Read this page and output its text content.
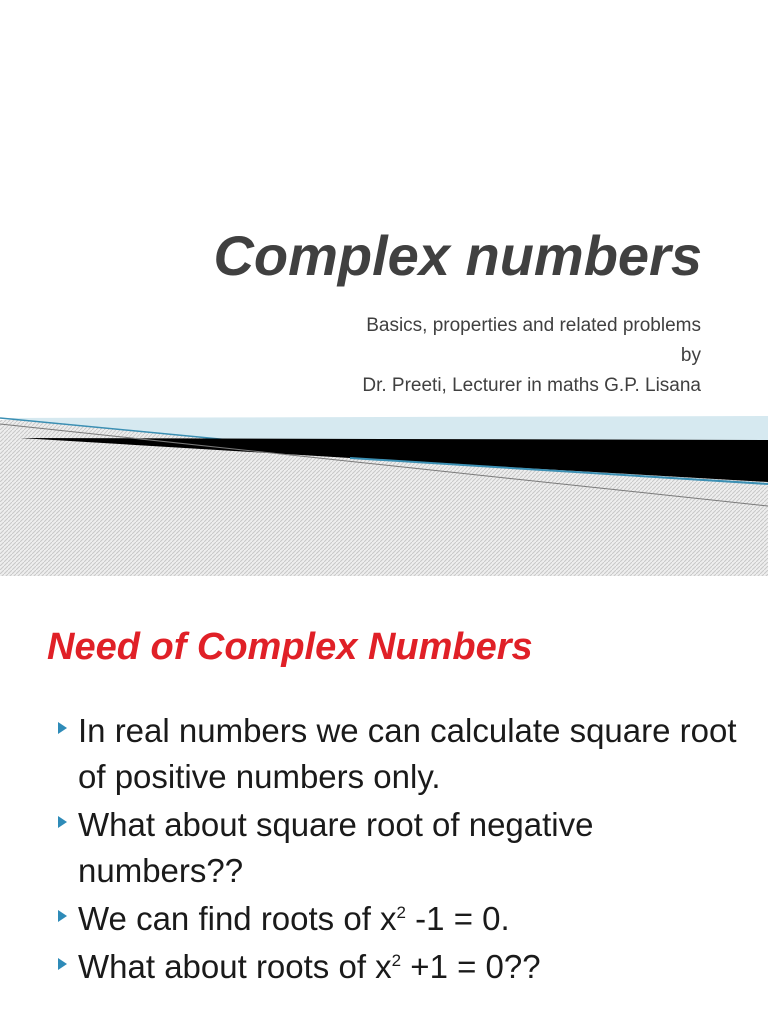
Complex numbers
Basics, properties and related problems
by
Dr. Preeti, Lecturer in maths G.P. Lisana
Need of Complex Numbers
In real numbers we can calculate square root of positive numbers only.
What about square root of negative numbers??
We can find roots of $x^2$ -1 = 0.
What about roots of $x^2 +1 = 0$??
